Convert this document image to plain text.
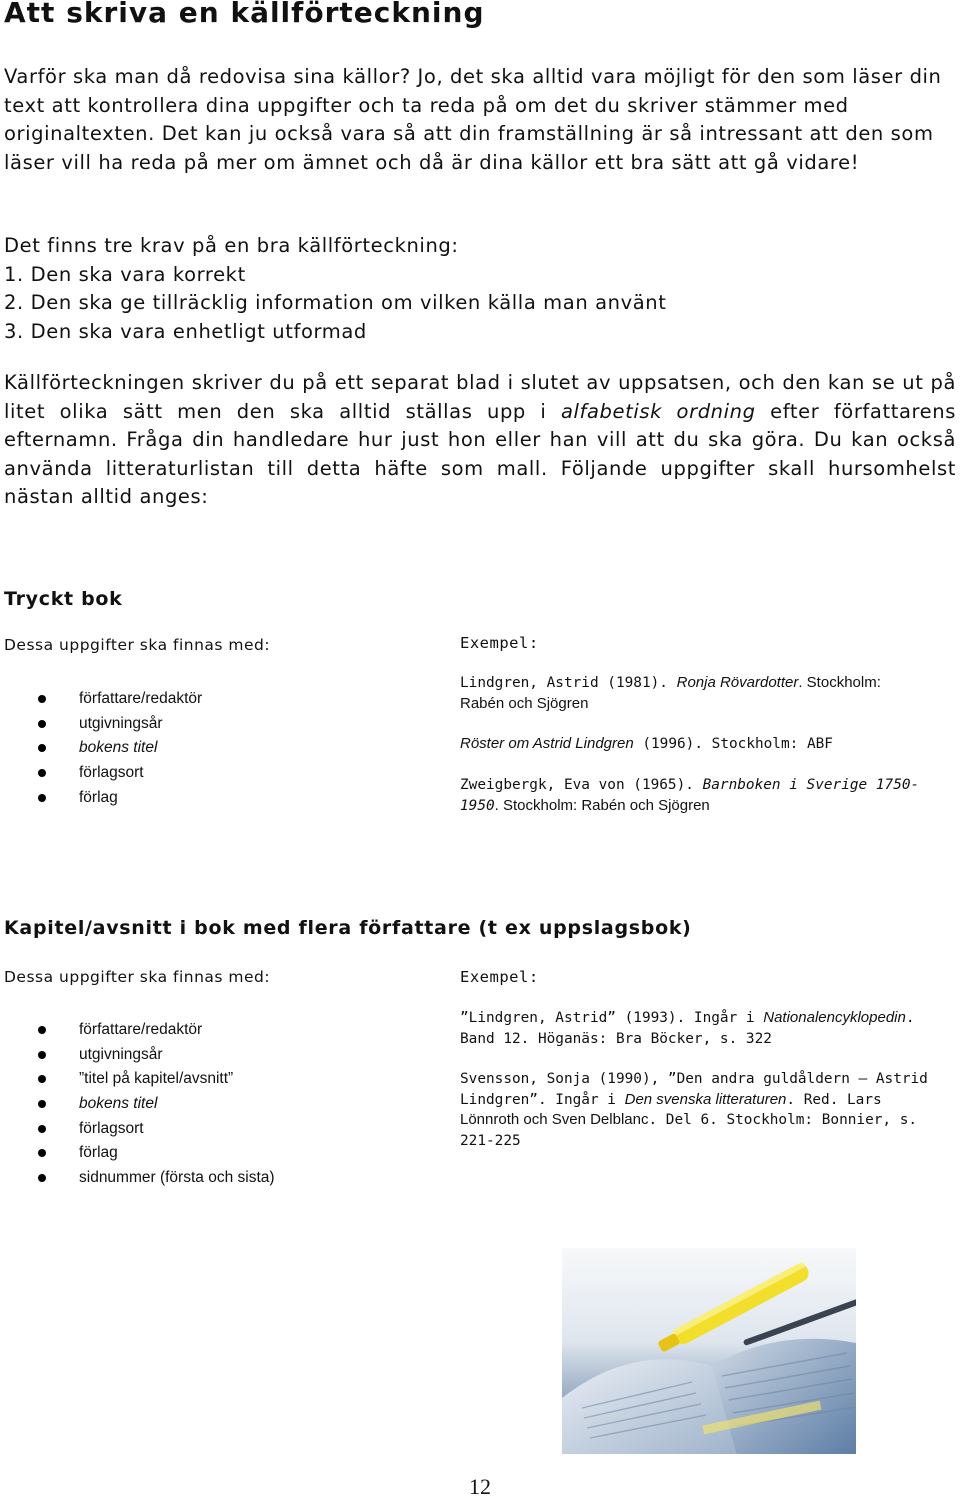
Att skriva en källförteckning

Varför ska man då redovisa sina källor? Jo, det ska alltid vara möjligt för den som läser din text att kontrollera dina uppgifter och ta reda på om det du skriver stämmer med originaltexten. Det kan ju också vara så att din framställning är så intressant att den som läser vill ha reda på mer om ämnet och då är dina källor ett bra sätt att gå vidare!

Det finns tre krav på en bra källförteckning:
1. Den ska vara korrekt
2. Den ska ge tillräcklig information om vilken källa man använt
3. Den ska vara enhetligt utformad

Källförteckningen skriver du på ett separat blad i slutet av uppsatsen, och den kan se ut på litet olika sätt men den ska alltid ställas upp i alfabetisk ordning efter författarens efternamn. Fråga din handledare hur just hon eller han vill att du ska göra. Du kan också använda litteraturlistan till detta häfte som mall. Följande uppgifter skall hursomhelst nästan alltid anges:

Tryckt bok

Dessa uppgifter ska finnas med:	Exempel:

författare/redaktör
utgivningsår
bokens titel
förlagsort
förlag

Lindgren, Astrid (1981). Ronja Rövardotter. Stockholm:
Rabén och Sjögren

Röster om Astrid Lindgren (1996). Stockholm: ABF

Zweigbergk, Eva von (1965). Barnboken i Sverige 1750-
1950. Stockholm: Rabén och Sjögren

Kapitel/avsnitt i bok med flera författare (t ex uppslagsbok)

Dessa uppgifter ska finnas med:	Exempel:

författare/redaktör
utgivningsår
”titel på kapitel/avsnitt”
bokens titel
förlagsort
förlag
sidnummer (första och sista)

”Lindgren, Astrid” (1993). Ingår i Nationalencyklopedin.
Band 12. Höganäs: Bra Böcker, s. 322

Svensson, Sonja (1990), ”Den andra guldåldern – Astrid Lindgren”. Ingår i Den svenska litteraturen. Red. Lars Lönnroth och Sven Delblanc. Del 6. Stockholm: Bonnier, s. 221-225

12
